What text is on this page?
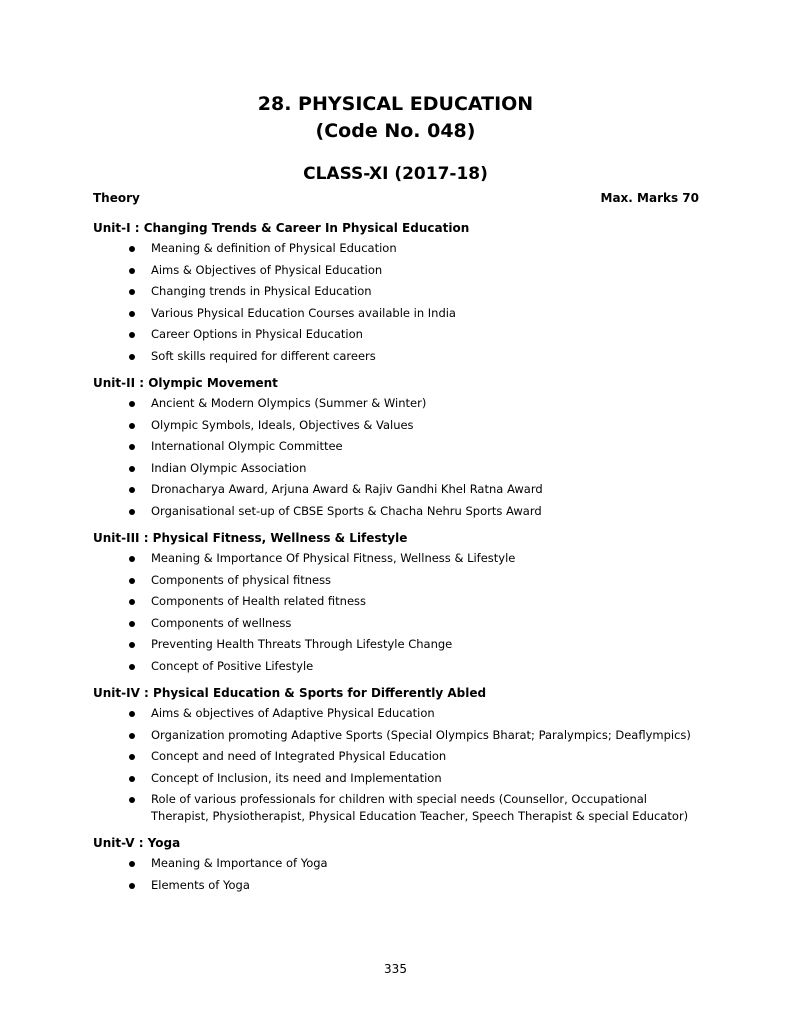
28. PHYSICAL EDUCATION
(Code No. 048)
CLASS-XI (2017-18)
Theory	Max. Marks 70
Unit-I : Changing Trends & Career In Physical Education
Meaning & definition of Physical Education
Aims & Objectives of Physical Education
Changing trends in Physical Education
Various Physical Education Courses available in India
Career Options in Physical Education
Soft skills required for different careers
Unit-II : Olympic Movement
Ancient & Modern Olympics (Summer & Winter)
Olympic Symbols, Ideals, Objectives & Values
International Olympic Committee
Indian Olympic Association
Dronacharya Award, Arjuna Award & Rajiv Gandhi Khel Ratna Award
Organisational set-up of CBSE Sports & Chacha Nehru Sports Award
Unit-III : Physical Fitness, Wellness & Lifestyle
Meaning & Importance Of Physical Fitness, Wellness & Lifestyle
Components of physical fitness
Components of Health related fitness
Components of wellness
Preventing Health Threats Through Lifestyle Change
Concept of Positive Lifestyle
Unit-IV : Physical Education & Sports for Differently Abled
Aims & objectives of Adaptive Physical Education
Organization promoting Adaptive Sports (Special Olympics Bharat; Paralympics; Deaflympics)
Concept and need of Integrated Physical Education
Concept of Inclusion, its need and Implementation
Role of various professionals for children with special needs (Counsellor, Occupational Therapist, Physiotherapist, Physical Education Teacher, Speech Therapist & special Educator)
Unit-V : Yoga
Meaning & Importance of Yoga
Elements of Yoga
335
